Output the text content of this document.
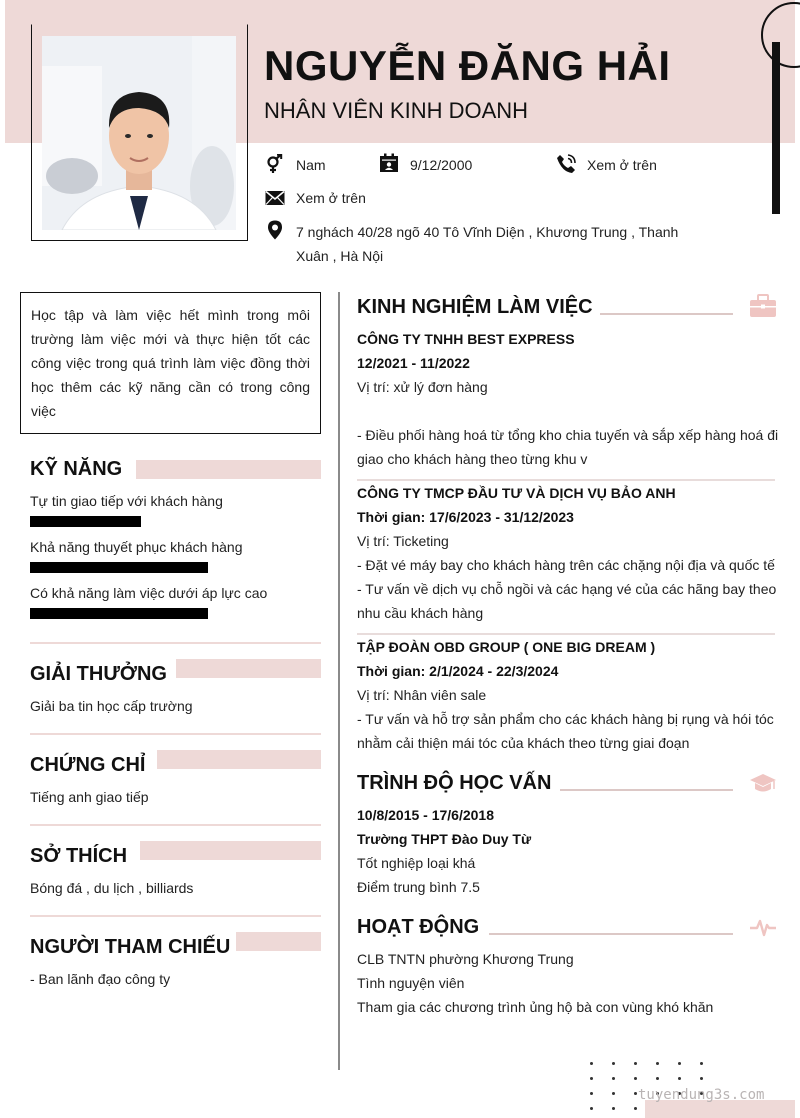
NGUYỄN ĐĂNG HẢI
NHÂN VIÊN KINH DOANH
Nam	9/12/2000	Xem ở trên
Xem ở trên
7 nghách 40/28 ngõ 40 Tô Vĩnh Diện , Khương Trung , Thanh
Xuân , Hà Nội
Học tập và làm việc hết mình trong môi trường làm việc mới và thực hiện tốt các công việc trong quá trình làm việc đồng thời học thêm các kỹ năng cần có trong công việc
KỸ NĂNG
Tự tin giao tiếp với khách hàng
Khả năng thuyết phục khách hàng
Có khả năng làm việc dưới áp lực cao
GIẢI THƯỞNG
Giải ba tin học cấp trường
CHỨNG CHỈ
Tiếng anh giao tiếp
SỞ THÍCH
Bóng đá , du lịch , billiards
NGƯỜI THAM CHIẾU
- Ban lãnh đạo công ty
KINH NGHIỆM LÀM VIỆC
CÔNG TY TNHH BEST EXPRESS
12/2021 - 11/2022
Vị trí: xử lý đơn hàng
- Điều phối hàng hoá từ tổng kho chia tuyến và sắp xếp hàng hoá đi
giao cho khách hàng theo từng khu v
CÔNG TY TMCP ĐẦU TƯ VÀ DỊCH VỤ BẢO ANH
Thời gian: 17/6/2023 - 31/12/2023
Vị trí: Ticketing
- Đặt vé máy bay cho khách hàng trên các chặng nội địa và quốc tế
- Tư vấn về dịch vụ chỗ ngồi và các hạng vé của các hãng bay theo
nhu cầu khách hàng
TẬP ĐOÀN OBD GROUP ( ONE BIG DREAM )
Thời gian: 2/1/2024 - 22/3/2024
Vị trí: Nhân viên sale
- Tư vấn và hỗ trợ sản phẩm cho các khách hàng bị rụng và hói tóc
nhằm cải thiện mái tóc của khách theo từng giai đoạn
TRÌNH ĐỘ HỌC VẤN
10/8/2015 - 17/6/2018
Trường THPT Đào Duy Từ
Tốt nghiệp loại khá
Điểm trung bình 7.5
HOẠT ĐỘNG
CLB TNTN phường Khương Trung
Tình nguyện viên
Tham gia các chương trình ủng hộ bà con vùng khó khăn
tuyendung3s.com
